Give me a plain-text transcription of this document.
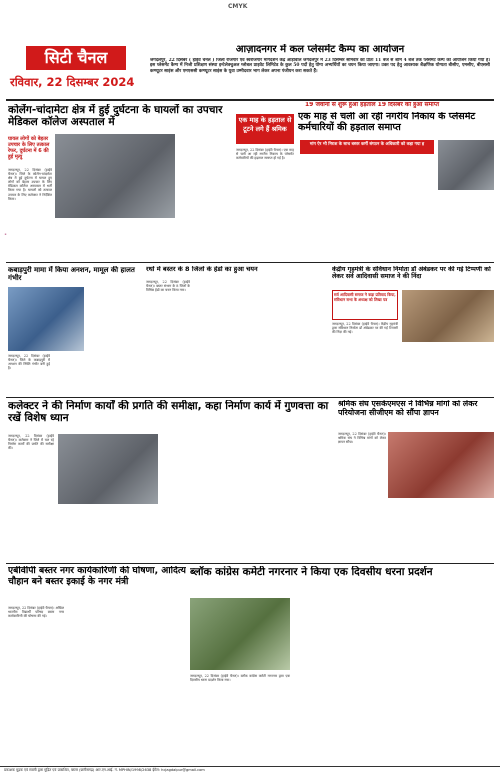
CMYK
·
सिटी चैनल
रविवार, 22 दिसम्बर 2024
आज़ादनगर में कल प्लेसमेंट कैम्प का आयोजन
जगदलपुर, 22 दिसंबर ( हाईवे चैनल ) जिला रोजगार एवं स्वरोजगार मार्गदर्शन केंद्र आड़ावाल जगदलपुर में 23 दिसम्बर सोमवार को प्रातः 11 बजे से शाम 4 बजे तक प्लेसमेंट कैम्प का आयोजन किया गया है। इस प्लेसमेंट कैम्प में निजी प्रशिक्षण संस्था इन्टेलेक्चुअल ग्लोबल प्राइवेट लिमिटेड के कुल 50 पदों हेतु योग्य अभ्यर्थियों का चयन किया जाएगा। उक्त पद हेतु आवश्यक शैक्षणिक योग्यता बीसीए, एमसीए, बीएससी कम्प्यूटर साइंस और एमएससी कम्प्यूटर साइंस के युवा उम्मीदवार भाग लेकर अपना पंजीयन करा सकते हैं।
कोलेंग-चांदामेटा क्षेत्र में हुई दुर्घटना के घायलों का उपचार मेडिकल कॉलेज अस्पताल में
घायल लोगों को बेहतर उपचार के लिए तत्काल रेफर, दुर्घटना में 6 की हुई मृत्यु
जगदलपुर, 22 दिसंबर (हाईवे चैनल)। जिले के कोलेंग-चांदामेटा क्षेत्र में हुई दुर्घटना में घायल हुए लोगों को बेहतर उपचार के लिए मेडिकल कॉलेज अस्पताल में भर्ती किया गया है। घायलों को तत्काल उपचार के लिए कलेक्टर ने निर्देशित किया।
19 जवानों से शुरू हुआ हड़ताल 19 दिसंबर को हुआ समाप्त
एक माह के हड़ताल से टूटने लगे हैं श्रमिक
एक माह से चली आ रही नगरीय निकाय के प्लेसमेंट कर्मचारियों की हड़ताल समाप्त
जगदलपुर, 22 दिसंबर (हाईवे चैनल)। एक माह से चली आ रही नगरीय निकाय के प्लेसमेंट कर्मचारियों की हड़ताल समाप्त हो गई है।
मांग ऐर भी निराश के साथ बस्तर कर्मी संगठन के अधिकारी को कहा गया ह
कबाड़पुरी मामा में किया अनशन, मामूल की हालत गंभीर
जगदलपुर, 22 दिसंबर (हाईवे चैनल)। जिले के कबाड़पुरी में अनशन की स्थिति गंभीर बनी हुई है।
रथों में बस्तर के 8 जिलों के हेडों का हुआ चयन
जगदलपुर, 22 दिसंबर (हाईवे चैनल)। बस्तर संभाग के 8 जिलों के विभिन्न हेडों का चयन किया गया।
केंद्रीय गृहमंत्री के संविधान निर्माता डॉ अंबेडकर पर की गई टिप्पणी को लेकर सर्व आदिवासी समाज ने की निंदा
सर्व आदिवासी समाज ने कड़ा प्रतिवाद किया, संविधान सभा के अध्यक्ष को लिखा पत्र
जगदलपुर, 22 दिसंबर (हाईवे चैनल)। केंद्रीय गृहमंत्री द्वारा संविधान निर्माता डॉ अंबेडकर पर की गई टिप्पणी की निंदा की गई।
कलेक्टर ने की निर्माण कार्यों की प्रगति की समीक्षा, कहा निर्माण कार्य में गुणवत्ता का रखें विशेष ध्यान
जगदलपुर, 22 दिसंबर (हाईवे चैनल)। कलेक्टर ने जिले में चल रहे निर्माण कार्यों की प्रगति की समीक्षा की।
श्रमिक संघ एसकेएमएस ने विभिन्न मांगों को लेकर परियोजना सीजीएम को सौंपा ज्ञापन
जगदलपुर, 22 दिसंबर (हाईवे चैनल)। श्रमिक संघ ने विभिन्न मांगों को लेकर ज्ञापन सौंपा।
एबीवीपी बस्तर नगर कार्यकारिणी की घोषणा, आदित्य चौहान बने बस्तर इकाई के नगर मंत्री
जगदलपुर, 22 दिसंबर (हाईवे चैनल)। अखिल भारतीय विद्यार्थी परिषद बस्तर नगर कार्यकारिणी की घोषणा की गई।
ब्लॉक कांग्रेस कमेटी नगरनार ने किया एक दिवसीय धरना प्रदर्शन
जगदलपुर, 22 दिसंबर (हाईवे चैनल)। ब्लॉक कांग्रेस कमेटी नगरनार द्वारा एक दिवसीय धरना प्रदर्शन किया गया।
प्रकाशक मुद्रक एवं स्वामी द्वारा मुद्रित एवं प्रकाशित, बस्तर (छत्तीसगढ़) आर.एन.आई. नं. MPHIN/1998/2638 ईमेल: hcjagdalpur@gmail.com
